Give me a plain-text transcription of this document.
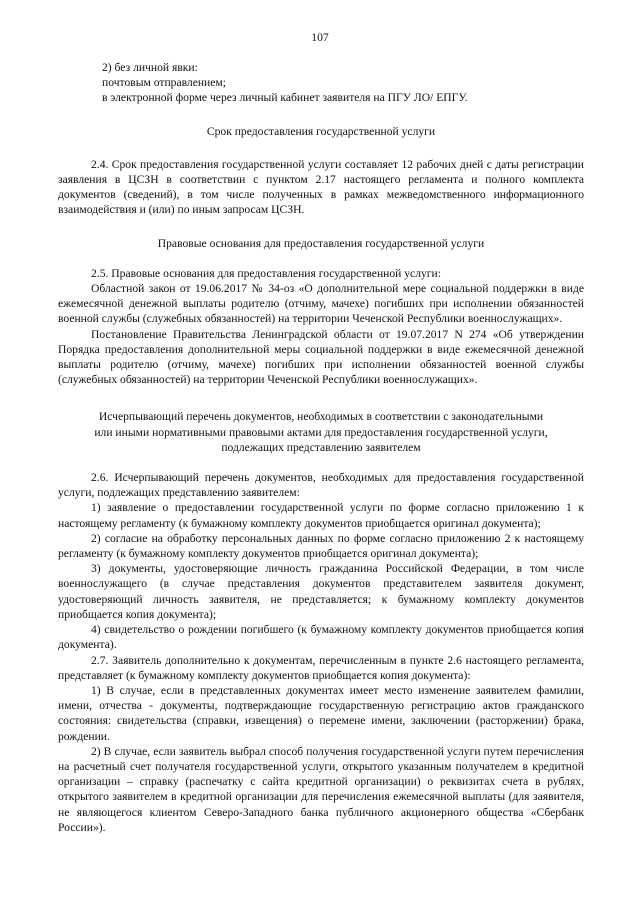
107

2) без личной явки:

почтовым отправлением;

в электронной форме через личный кабинет заявителя на ПГУ ЛО/ ЕПГУ.

Срок предоставления государственной услуги

2.4. Срок предоставления государственной услуги составляет 12 рабочих дней с даты регистрации заявления в ЦСЗН в соответствии с пунктом 2.17 настоящего регламента и полного комплекта документов (сведений), в том числе полученных в рамках межведомственного информационного взаимодействия и (или) по иным запросам ЦСЗН.

Правовые основания для предоставления государственной услуги

2.5. Правовые основания для предоставления государственной услуги:

Областной закон от 19.06.2017 № 34-оз «О дополнительной мере социальной поддержки в виде ежемесячной денежной выплаты родителю (отчиму, мачехе) погибших при исполнении обязанностей военной службы (служебных обязанностей) на территории Чеченской Республики военнослужащих».

Постановление Правительства Ленинградской области от 19.07.2017 N 274 «Об утверждении Порядка предоставления дополнительной меры социальной поддержки в виде ежемесячной денежной выплаты родителю (отчиму, мачехе) погибших при исполнении обязанностей военной службы (служебных обязанностей) на территории Чеченской Республики военнослужащих».

Исчерпывающий перечень документов, необходимых в соответствии с законодательными

или иными нормативными правовыми актами для предоставления государственной услуги,

подлежащих представлению заявителем

2.6. Исчерпывающий перечень документов, необходимых для предоставления государственной услуги, подлежащих представлению заявителем:

1) заявление о предоставлении государственной услуги по форме согласно приложению 1 к настоящему регламенту (к бумажному комплекту документов приобщается оригинал документа);

2) согласие на обработку персональных данных по форме согласно приложению 2 к настоящему регламенту (к бумажному комплекту документов приобщается оригинал документа);

3) документы, удостоверяющие личность гражданина Российской Федерации, в том числе военнослужащего (в случае представления документов представителем заявителя документ, удостоверяющий личность заявителя, не представляется; к бумажному комплекту документов приобщается копия документа);

4) свидетельство о рождении погибшего (к бумажному комплекту документов приобщается копия документа).

2.7. Заявитель дополнительно к документам, перечисленным в пункте 2.6 настоящего регламента, представляет (к бумажному комплекту документов приобщается копия документа):

1) В случае, если в представленных документах имеет место изменение заявителем фамилии, имени, отчества - документы, подтверждающие государственную регистрацию актов гражданского состояния: свидетельства (справки, извещения) о перемене имени, заключении (расторжении) брака, рождении.

2) В случае, если заявитель выбрал способ получения государственной услуги путем перечисления на расчетный счет получателя государственной услуги, открытого указанным получателем в кредитной организации – справку (распечатку с сайта кредитной организации) о реквизитах счета в рублях, открытого заявителем в кредитной организации для перечисления ежемесячной выплаты (для заявителя, не являющегося клиентом Северо-Западного банка публичного акционерного общества «Сбербанк России»).
